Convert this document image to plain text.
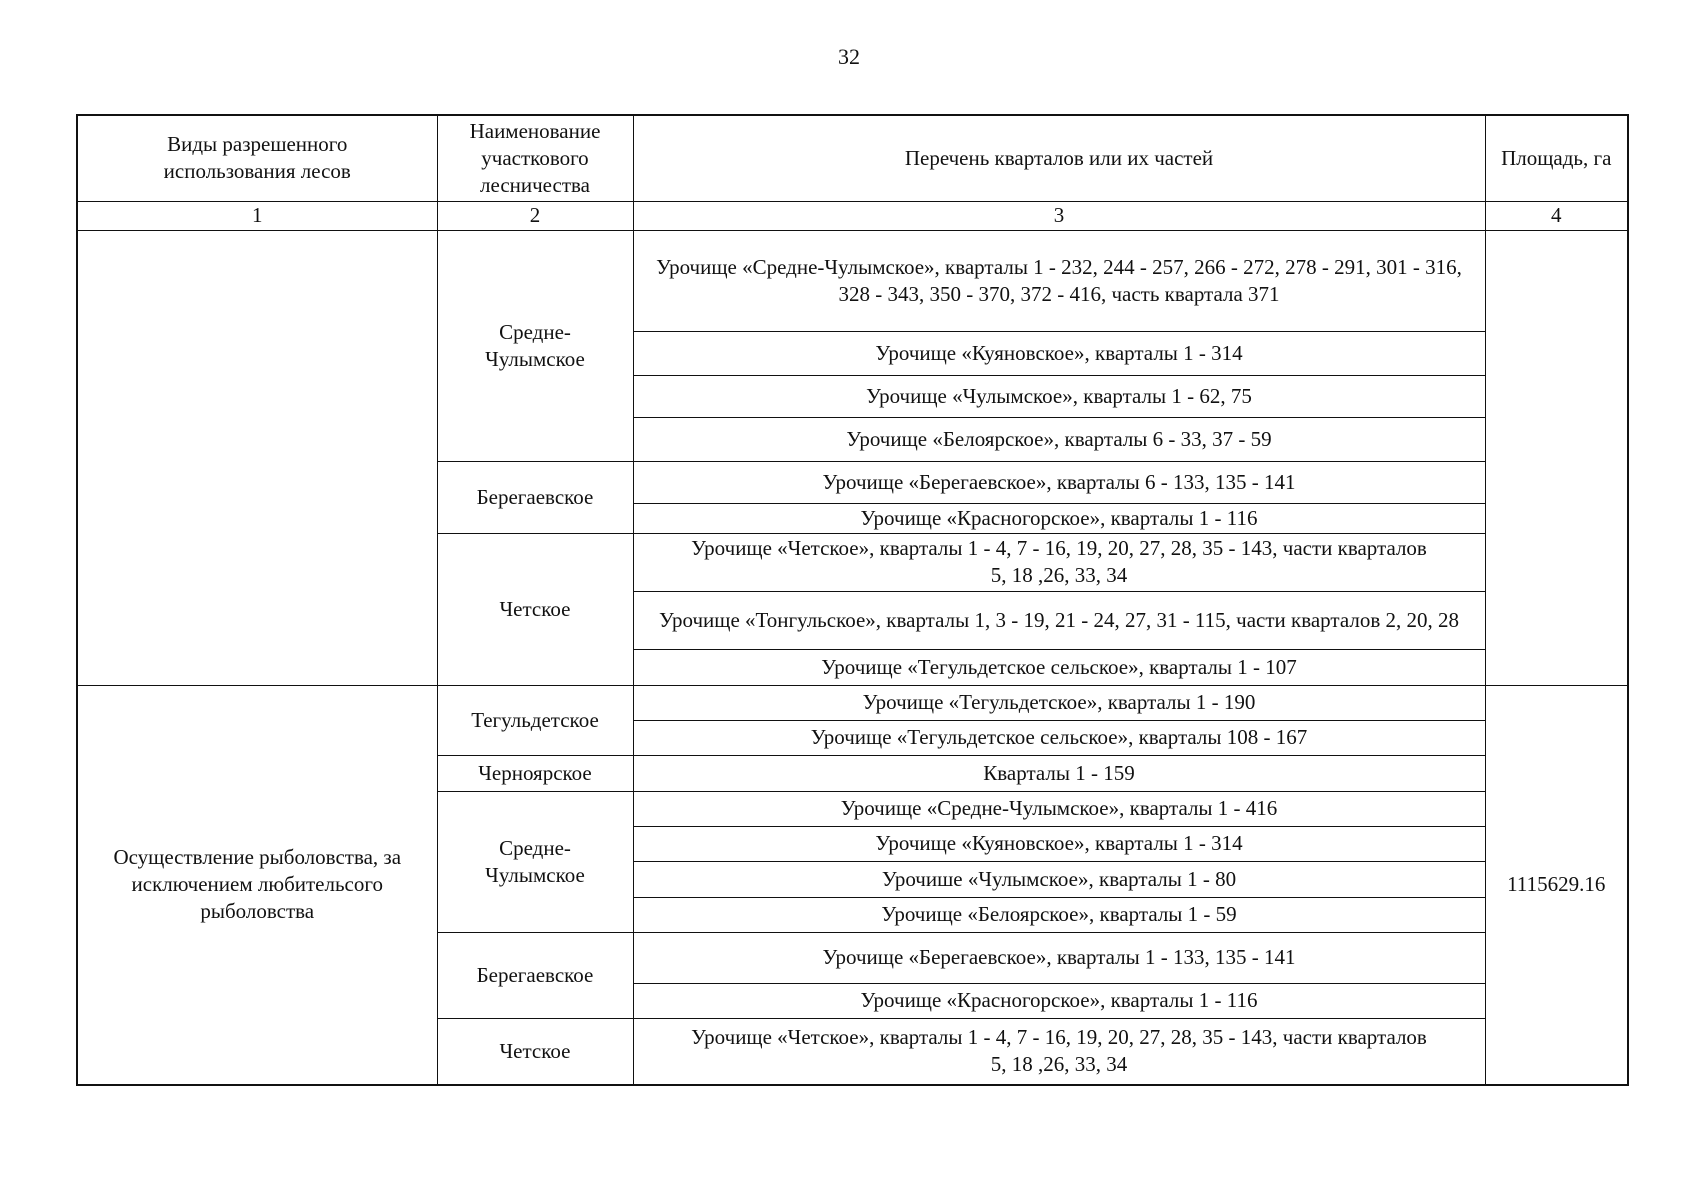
32
Виды разрешенного использования лесов	Наименование участкового лесничества	Перечень кварталов или их частей	Площадь, га
1	2	3	4
	Средне-Чулымское	Урочище «Средне-Чулымское», кварталы 1 - 232, 244 - 257, 266 - 272, 278 - 291, 301 - 316, 328 - 343, 350 - 370, 372 - 416, часть квартала 371	
		Урочище «Куяновское», кварталы 1 - 314	
		Урочище «Чулымское», кварталы 1 - 62, 75	
		Урочище «Белоярское», кварталы 6 - 33, 37 - 59	
	Берегаевское	Урочище «Берегаевское», кварталы 6 - 133, 135 - 141	
		Урочище «Красногорское», кварталы 1 - 116	
	Четское	Урочище «Четское», кварталы 1 - 4, 7 - 16, 19, 20, 27, 28, 35 - 143, части кварталов 5, 18 ,26, 33, 34	
		Урочище «Тонгульское», кварталы 1, 3 - 19, 21 - 24, 27, 31 - 115, части кварталов 2, 20, 28	
		Урочище «Тегульдетское сельское», кварталы 1 - 107	
Осуществление рыболовства, за исключением любительсого рыболовства	Тегульдетское	Урочище «Тегульдетское», кварталы 1 - 190	1115629.16
		Урочище «Тегульдетское сельское», кварталы 108 - 167	
	Черноярское	Кварталы 1 - 159	
	Средне-Чулымское	Урочище «Средне-Чулымское», кварталы 1 - 416	
		Урочище «Куяновское», кварталы 1 - 314	
		Урочише «Чулымское», кварталы 1 - 80	
		Урочище «Белоярское», кварталы 1 - 59	
	Берегаевское	Урочище «Берегаевское», кварталы 1 - 133, 135 - 141	
		Урочище «Красногорское», кварталы 1 - 116	
	Четское	Урочище «Четское», кварталы 1 - 4, 7 - 16, 19, 20, 27, 28, 35 - 143, части кварталов 5, 18 ,26, 33, 34	
